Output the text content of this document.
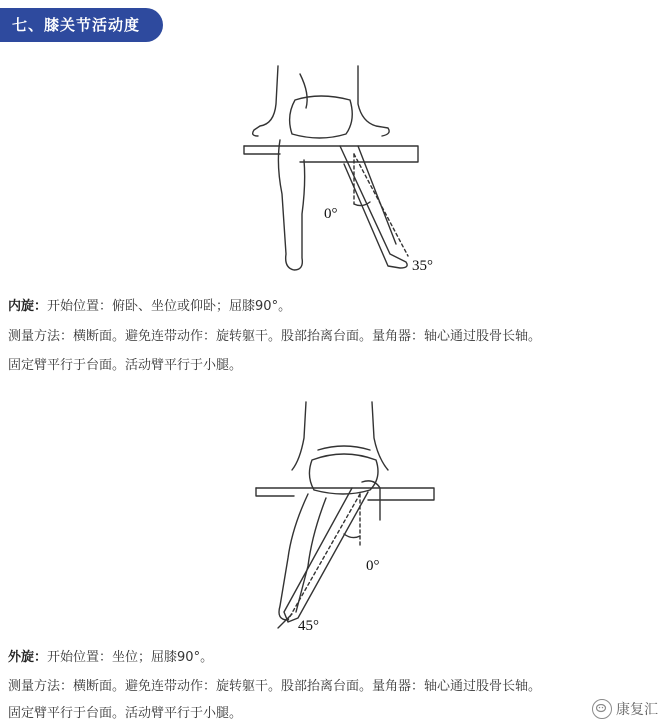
七、膝关节活动度
0°
35°
内旋：开始位置：俯卧、坐位或仰卧；屈膝90°。
测量方法：横断面。避免连带动作：旋转躯干。股部抬离台面。量角器：轴心通过股骨长轴。
固定臂平行于台面。活动臂平行于小腿。
0°
45°
外旋：开始位置：坐位；屈膝90°。
测量方法：横断面。避免连带动作：旋转躯干。股部抬离台面。量角器：轴心通过股骨长轴。
固定臂平行于台面。活动臂平行于小腿。	康复汇
